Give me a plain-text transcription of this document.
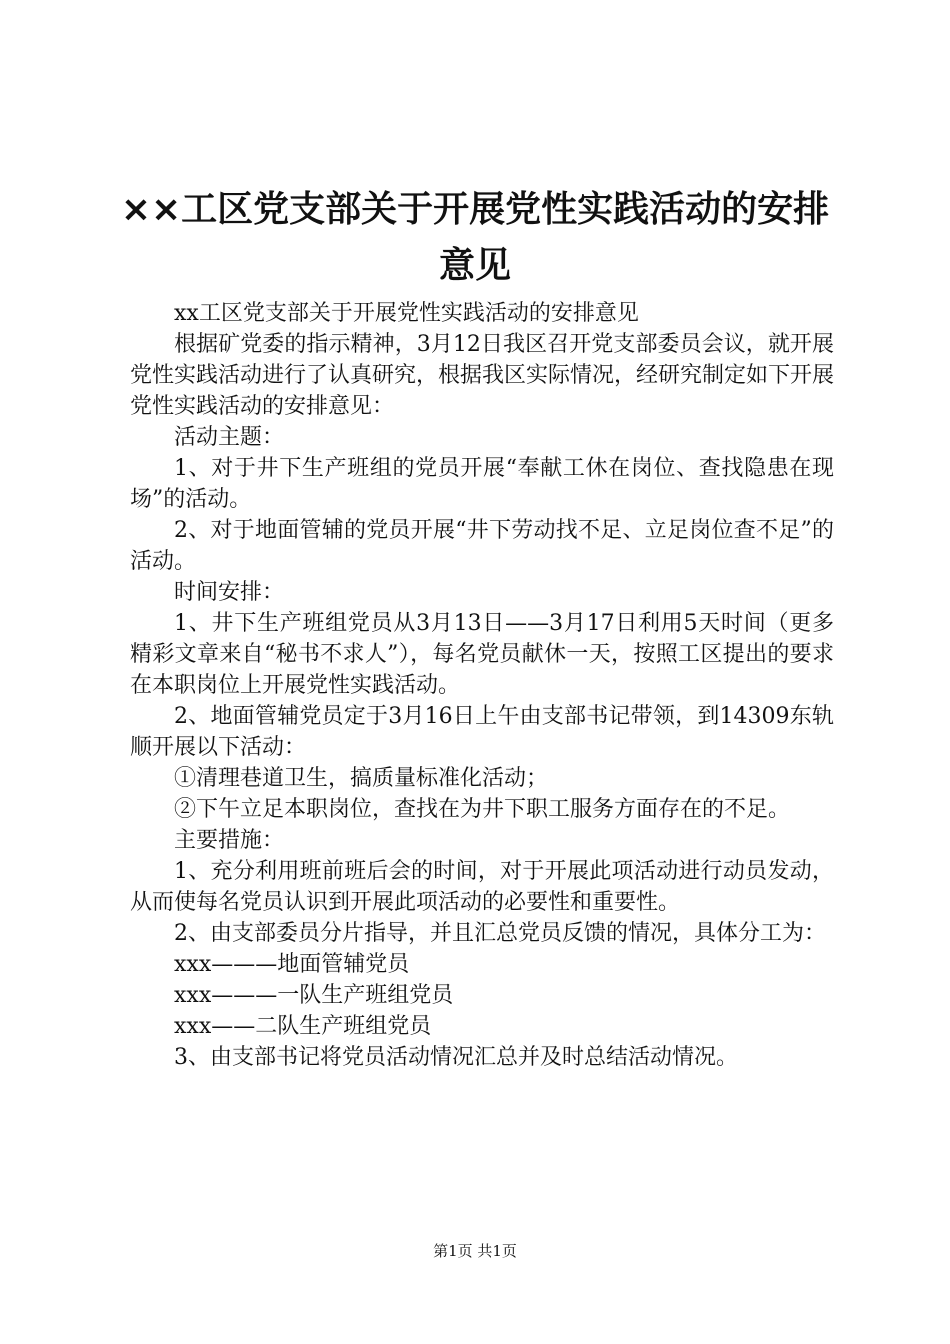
××工区党支部关于开展党性实践活动的安排
意见

xx工区党支部关于开展党性实践活动的安排意见

根据矿党委的指示精神，3月12日我区召开党支部委员会议，就开展党性实践活动进行了认真研究，根据我区实际情况，经研究制定如下开展党性实践活动的安排意见：

活动主题：

1、对于井下生产班组的党员开展“奉献工休在岗位、查找隐患在现场”的活动。

2、对于地面管辅的党员开展“井下劳动找不足、立足岗位查不足”的活动。

时间安排：

1、井下生产班组党员从3月13日——3月17日利用5天时间（更多精彩文章来自“秘书不求人”），每名党员献休一天，按照工区提出的要求在本职岗位上开展党性实践活动。

2、地面管辅党员定于3月16日上午由支部书记带领，到14309东轨顺开展以下活动：

①清理巷道卫生，搞质量标准化活动；

②下午立足本职岗位，查找在为井下职工服务方面存在的不足。

主要措施：

1、充分利用班前班后会的时间，对于开展此项活动进行动员发动，从而使每名党员认识到开展此项活动的必要性和重要性。

2、由支部委员分片指导，并且汇总党员反馈的情况，具体分工为：

xxx———地面管辅党员

xxx———一队生产班组党员

xxx——二队生产班组党员

3、由支部书记将党员活动情况汇总并及时总结活动情况。

第1页 共1页
